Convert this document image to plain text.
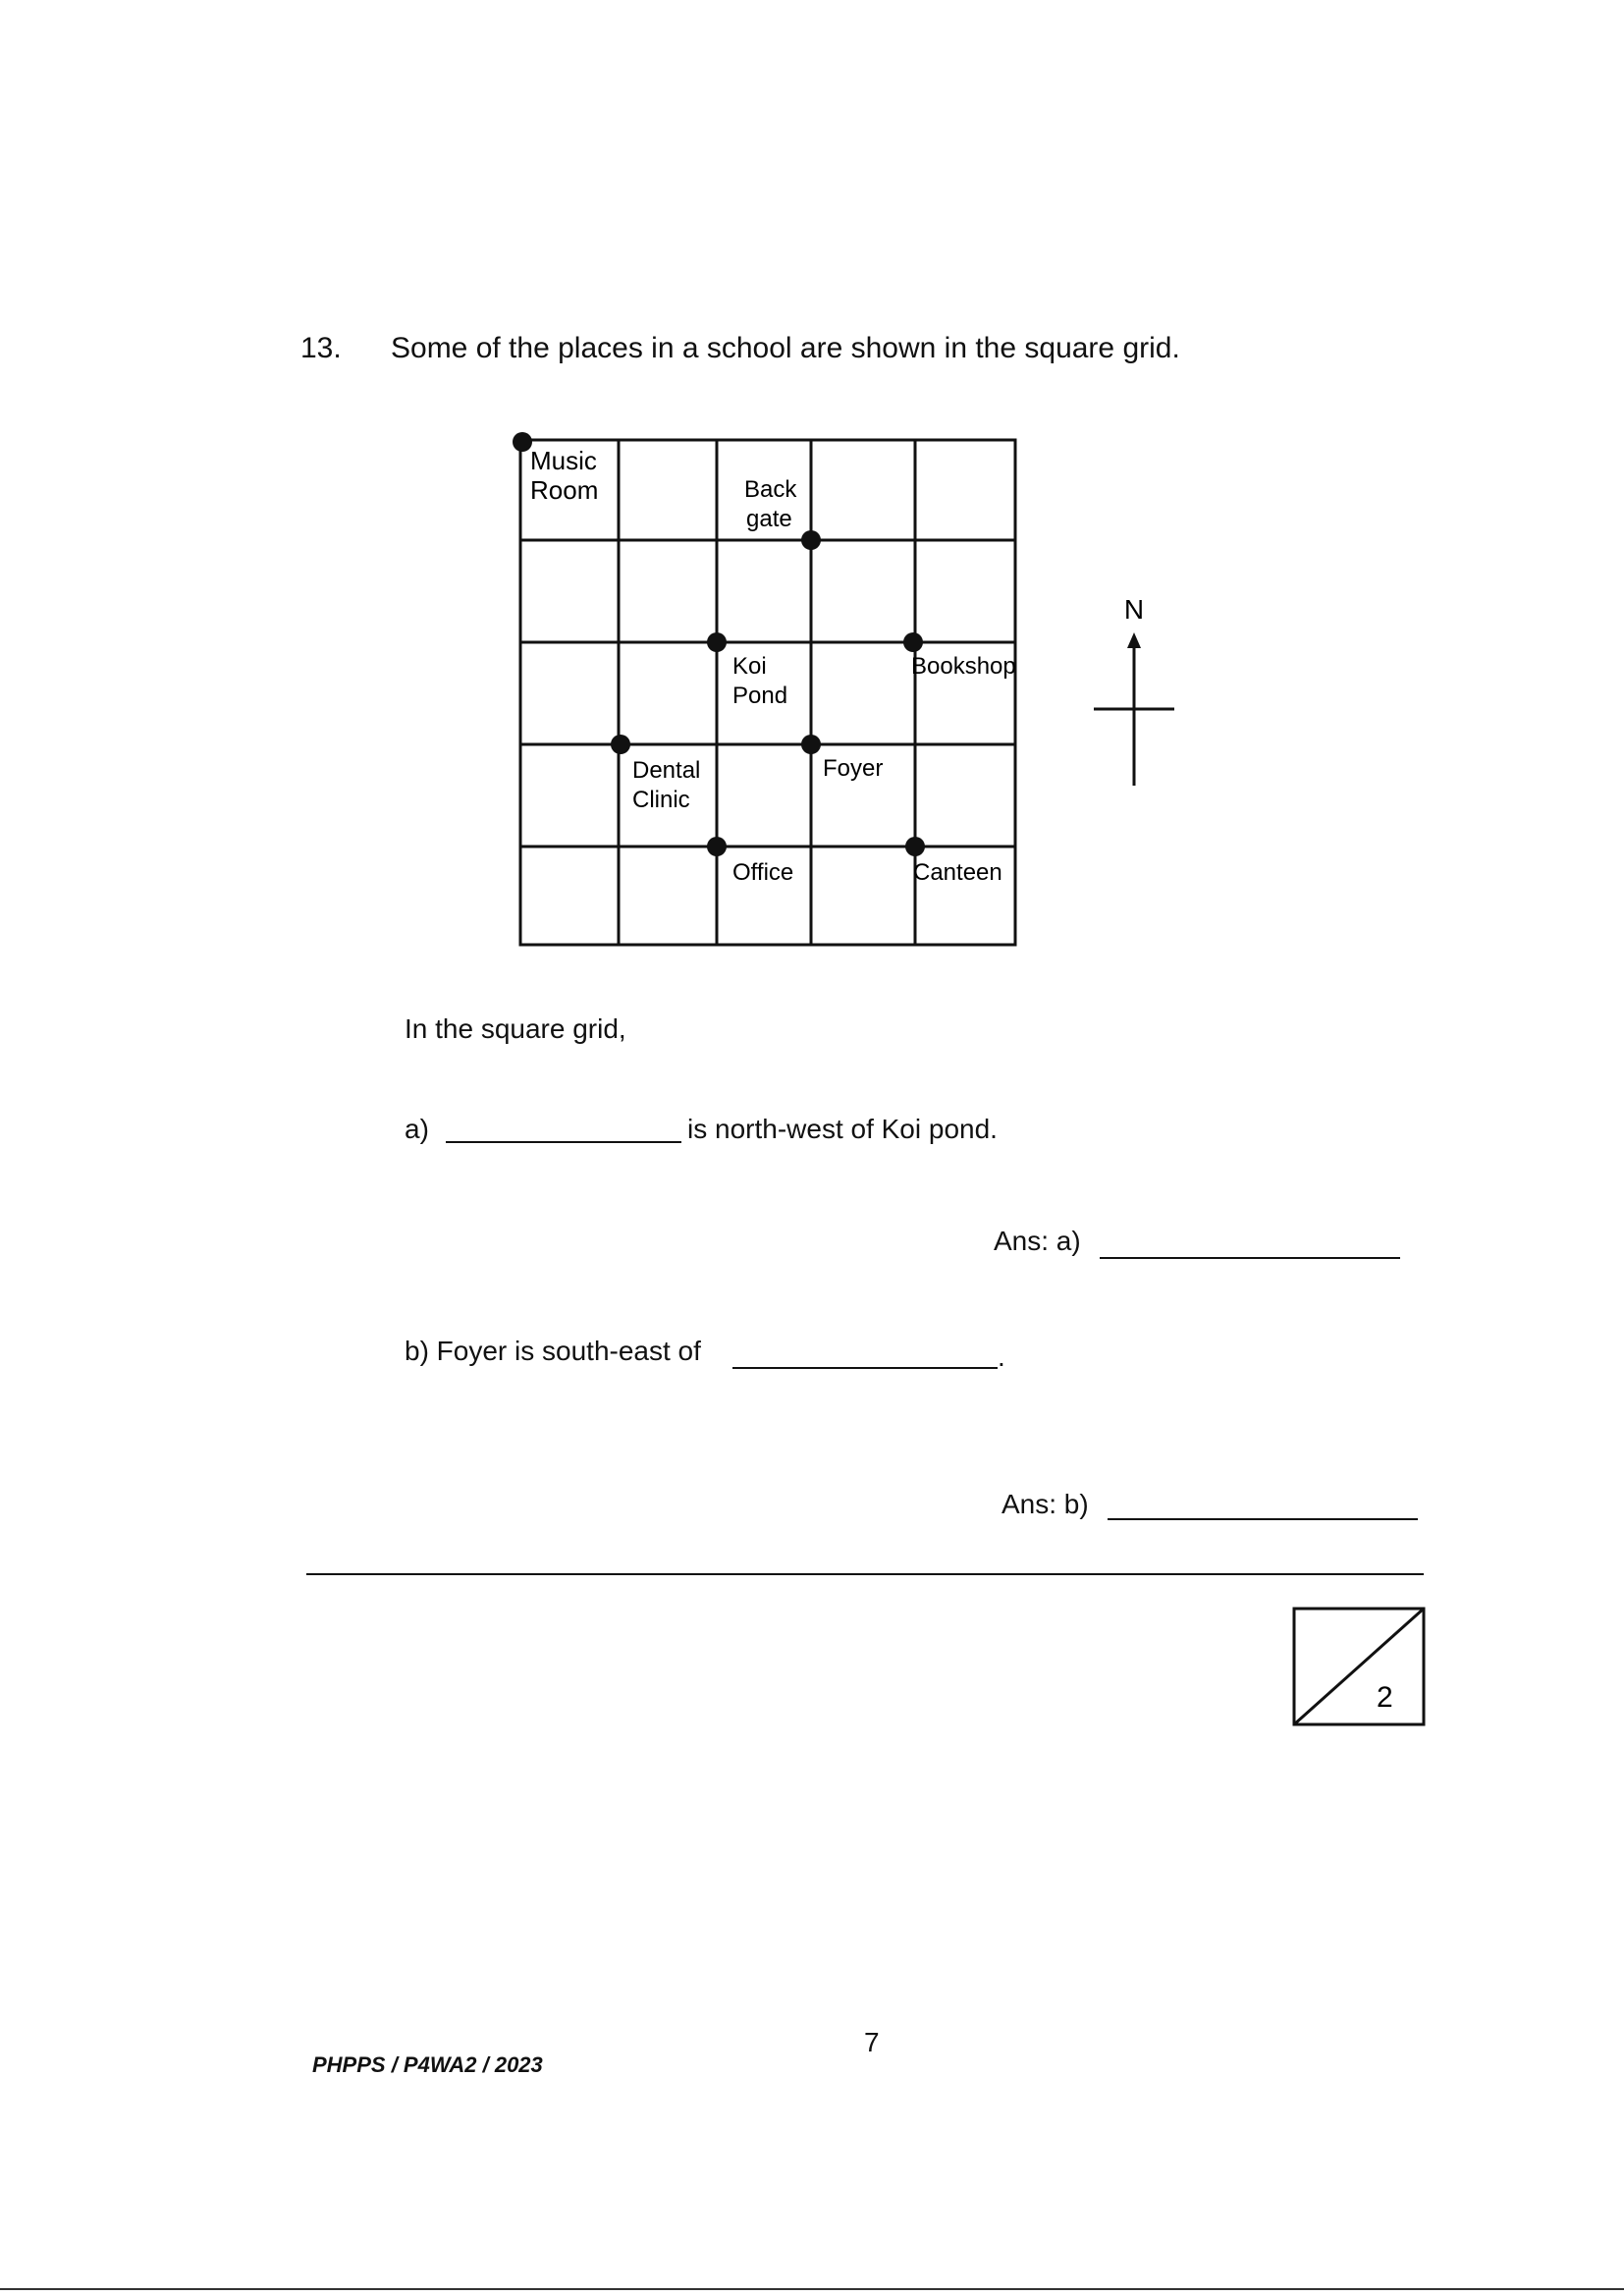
13. Some of the places in a school are shown in the square grid.
Music
Room	Back
gate
Koi
Pond
Bookshop
Dental
Clinic
Foyer
Office	Canteen
N
In the square grid,
a)	is north-west of Koi pond.
Ans: a)
b) Foyer is south-east of	.
Ans: b)
2
7
PHPPS / P4WA2 / 2023
